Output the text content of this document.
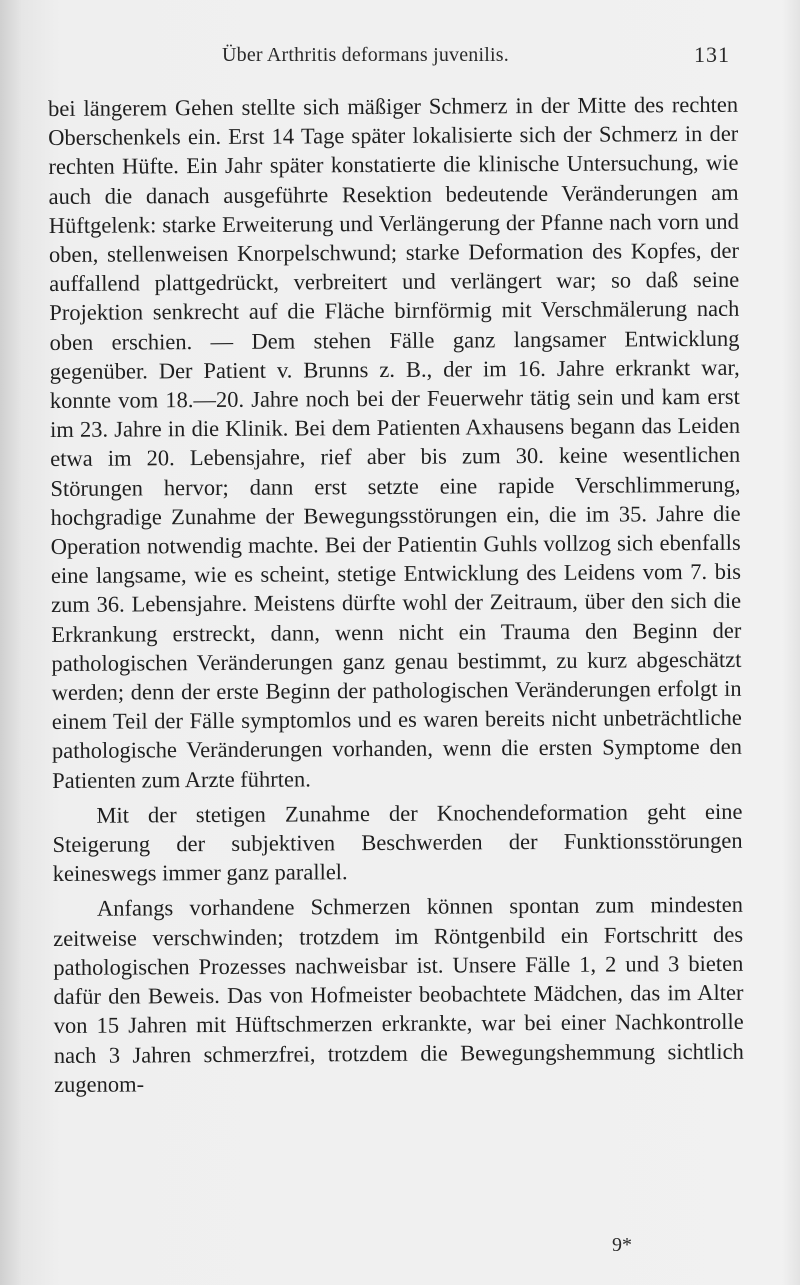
Über Arthritis deformans juvenilis.	131

bei längerem Gehen stellte sich mäßiger Schmerz in der Mitte des rechten Oberschenkels ein. Erst 14 Tage später lokalisierte sich der Schmerz in der rechten Hüfte. Ein Jahr später konstatierte die klinische Untersuchung, wie auch die danach ausgeführte Resektion bedeutende Veränderungen am Hüftgelenk: starke Erweiterung und Verlängerung der Pfanne nach vorn und oben, stellenweisen Knorpelschwund; starke Deformation des Kopfes, der auffallend plattgedrückt, verbreitert und verlängert war; so daß seine Projektion senkrecht auf die Fläche birnförmig mit Verschmälerung nach oben erschien. — Dem stehen Fälle ganz langsamer Entwicklung gegenüber. Der Patient v. Brunns z. B., der im 16. Jahre erkrankt war, konnte vom 18.—20. Jahre noch bei der Feuerwehr tätig sein und kam erst im 23. Jahre in die Klinik. Bei dem Patienten Axhausens begann das Leiden etwa im 20. Lebensjahre, rief aber bis zum 30. keine wesentlichen Störungen hervor; dann erst setzte eine rapide Verschlimmerung, hochgradige Zunahme der Bewegungsstörungen ein, die im 35. Jahre die Operation notwendig machte. Bei der Patientin Guhls vollzog sich ebenfalls eine langsame, wie es scheint, stetige Entwicklung des Leidens vom 7. bis zum 36. Lebensjahre. Meistens dürfte wohl der Zeitraum, über den sich die Erkrankung erstreckt, dann, wenn nicht ein Trauma den Beginn der pathologischen Veränderungen ganz genau bestimmt, zu kurz abgeschätzt werden; denn der erste Beginn der pathologischen Veränderungen erfolgt in einem Teil der Fälle symptomlos und es waren bereits nicht unbeträchtliche pathologische Veränderungen vorhanden, wenn die ersten Symptome den Patienten zum Arzte führten.

Mit der stetigen Zunahme der Knochendeformation geht eine Steigerung der subjektiven Beschwerden der Funktionsstörungen keineswegs immer ganz parallel.

Anfangs vorhandene Schmerzen können spontan zum mindesten zeitweise verschwinden; trotzdem im Röntgenbild ein Fortschritt des pathologischen Prozesses nachweisbar ist. Unsere Fälle 1, 2 und 3 bieten dafür den Beweis. Das von Hofmeister beobachtete Mädchen, das im Alter von 15 Jahren mit Hüftschmerzen erkrankte, war bei einer Nachkontrolle nach 3 Jahren schmerzfrei, trotzdem die Bewegungshemmung sichtlich zugenom-

9*
